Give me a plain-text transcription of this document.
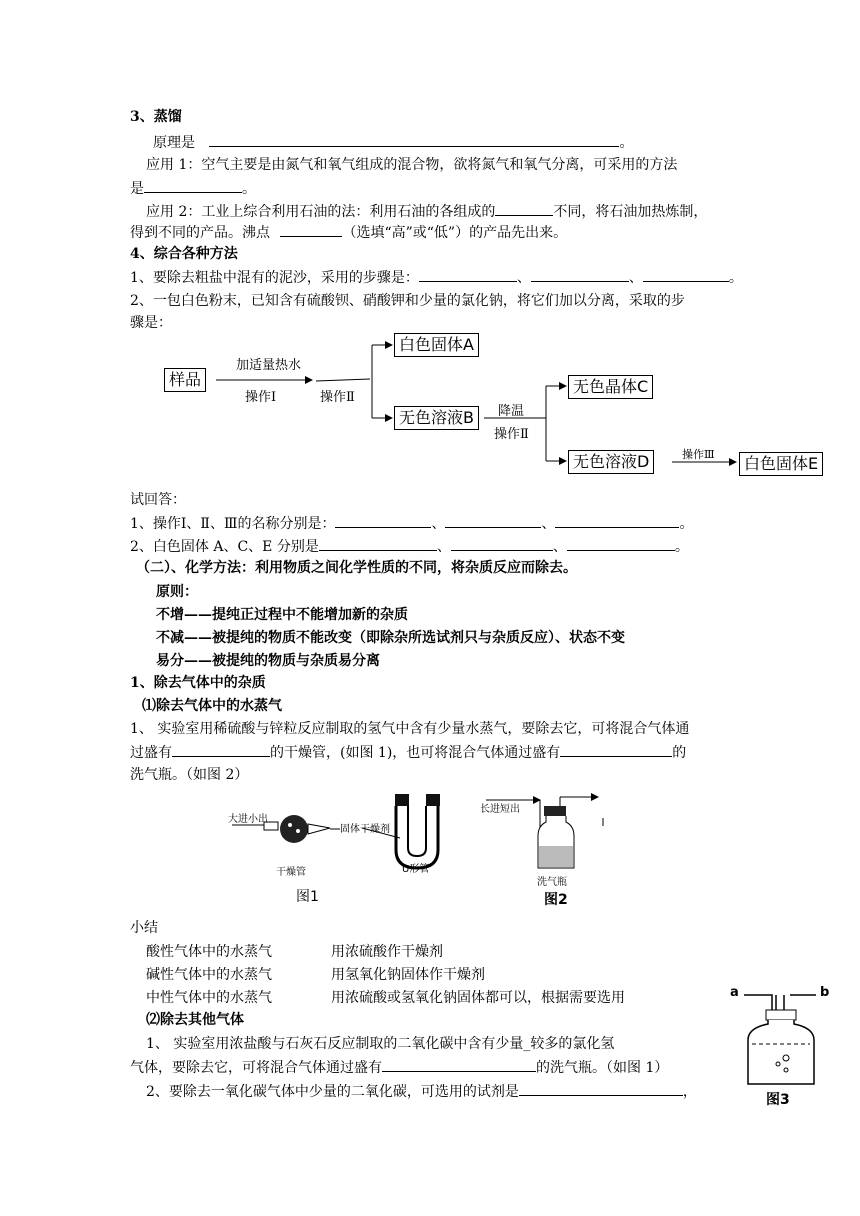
3、蒸馏
原理是	。
应用 1：空气主要是由氮气和氧气组成的混合物，欲将氮气和氧气分离，可采用的方法
是	。
应用 2：工业上综合利用石油的法：利用石油的各组成的	不同，将石油加热炼制，
得到不同的产品。沸点	（选填“高”或“低”）的产品先出来。
4、综合各种方法
1、要除去粗盐中混有的泥沙，采用的步骤是：	、	、	。
2、一包白色粉末，已知含有硫酸钡、硝酸钾和少量的氯化钠，将它们加以分离，采取的步
骤是：
样品
加适量热水
操作Ⅰ	操作Ⅱ
白色固体A
无色溶液B	降温
操作Ⅱ
无色晶体C
无色溶液D	操作Ⅲ	白色固体E
试回答：
1、操作Ⅰ、Ⅱ、Ⅲ的名称分别是：	、	、	。
2、白色固体 A、C、E 分别是	、	、	。
（二）、化学方法：利用物质之间化学性质的不同，将杂质反应而除去。
原则：
不增——提纯正过程中不能增加新的杂质
不减——被提纯的物质不能改变（即除杂所选试剂只与杂质反应）、状态不变
易分——被提纯的物质与杂质易分离
1、除去气体中的杂质
⑴除去气体中的水蒸气
1、 实验室用稀硫酸与锌粒反应制取的氢气中含有少量水蒸气，要除去它，可将混合气体通
过盛有	的干燥管，(如图 1)，也可将混合气体通过盛有	的
洗气瓶。（如图 2）
大进小出
固体干燥剂
干燥管	U形管
图1
长进短出
洗气瓶
图2
小结
酸性气体中的水蒸气	用浓硫酸作干燥剂
碱性气体中的水蒸气	用氢氧化钠固体作干燥剂
中性气体中的水蒸气	用浓硫酸或氢氧化钠固体都可以，根据需要选用
⑵除去其他气体
1、 实验室用浓盐酸与石灰石反应制取的二氧化碳中含有少量_较多的氯化氢
气体，要除去它，可将混合气体通过盛有	的洗气瓶。（如图 1）
2、要除去一氧化碳气体中少量的二氧化碳，可选用的试剂是	，
a	b
图3
